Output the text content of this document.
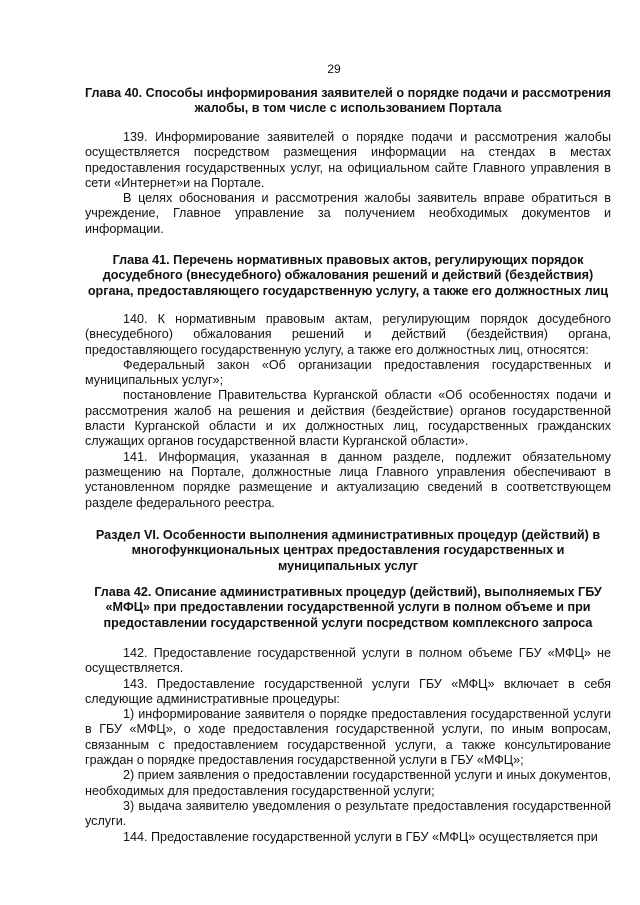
29

Глава 40. Способы информирования заявителей о порядке подачи и рассмотрения жалобы, в том числе с использованием Портала

139. Информирование заявителей о порядке подачи и рассмотрения жалобы осуществляется посредством размещения информации на стендах в местах предоставления государственных услуг, на официальном сайте Главного управления в сети «Интернет»и на Портале.

В целях обоснования и рассмотрения жалобы заявитель вправе обратиться в учреждение, Главное управление за получением необходимых документов и информации.

Глава 41. Перечень нормативных правовых актов, регулирующих порядок досудебного (внесудебного) обжалования решений и действий (бездействия) органа, предоставляющего государственную услугу, а также его должностных лиц

140. К нормативным правовым актам, регулирующим порядок досудебного (внесудебного) обжалования решений и действий (бездействия) органа, предоставляющего государственную услугу, а также его должностных лиц, относятся:

Федеральный закон «Об организации предоставления государственных и муниципальных услуг»;

постановление Правительства Курганской области «Об особенностях подачи и рассмотрения жалоб на решения и действия (бездействие) органов государственной власти Курганской области и их должностных лиц, государственных гражданских служащих органов государственной власти Курганской области».

141. Информация, указанная в данном разделе, подлежит обязательному размещению на Портале, должностные лица Главного управления обеспечивают в установленном порядке размещение и актуализацию сведений в соответствующем разделе федерального реестра.

Раздел VI. Особенности выполнения административных процедур (действий) в многофункциональных центрах предоставления государственных и муниципальных услуг

Глава 42. Описание административных процедур (действий), выполняемых ГБУ «МФЦ» при предоставлении государственной услуги в полном объеме и при предоставлении государственной услуги посредством комплексного запроса

142. Предоставление государственной услуги в полном объеме ГБУ «МФЦ» не осуществляется.

143. Предоставление государственной услуги ГБУ «МФЦ» включает в себя следующие административные процедуры:

1) информирование заявителя о порядке предоставления государственной услуги в ГБУ «МФЦ», о ходе предоставления государственной услуги, по иным вопросам, связанным с предоставлением государственной услуги, а также консультирование граждан о порядке предоставления государственной услуги в ГБУ «МФЦ»;

2) прием заявления о предоставлении государственной услуги и иных документов, необходимых для предоставления государственной услуги;

3) выдача заявителю уведомления о результате предоставления государственной услуги.

144. Предоставление государственной услуги в ГБУ «МФЦ» осуществляется при
